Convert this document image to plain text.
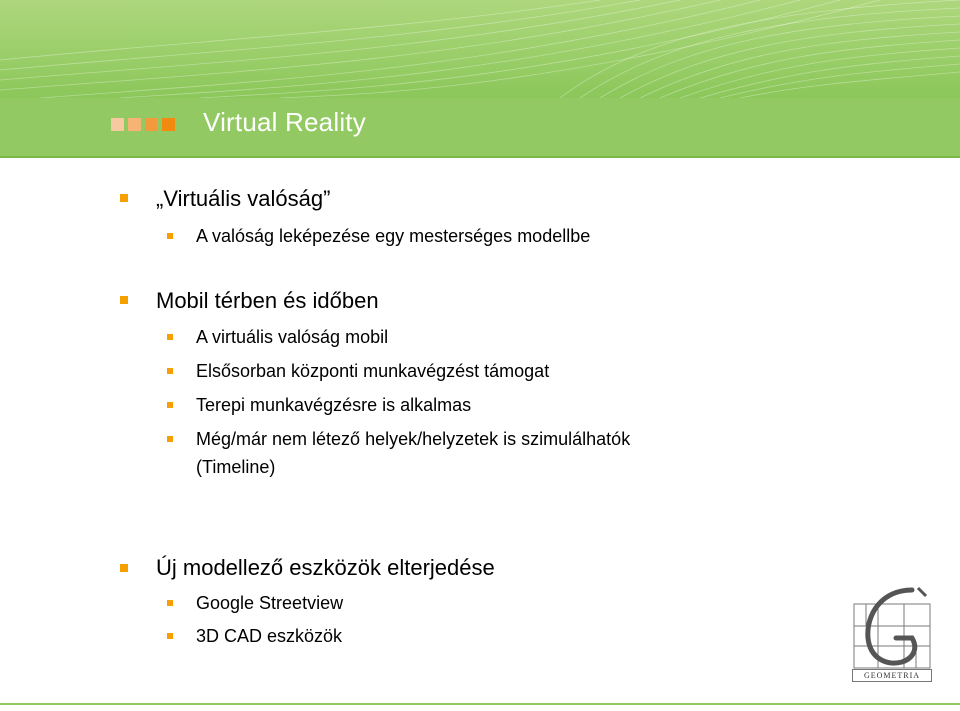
Virtual Reality
„Virtuális valóság”
A valóság leképezése egy mesterséges modellbe
Mobil térben és időben
A virtuális valóság mobil
Elsősorban központi munkavégzést támogat
Terepi munkavégzésre is alkalmas
Még/már nem létező helyek/helyzetek is szimulálhatók
(Timeline)
Új modellező eszközök elterjedése
Google Streetview
3D CAD eszközök
GEOMETRIA
